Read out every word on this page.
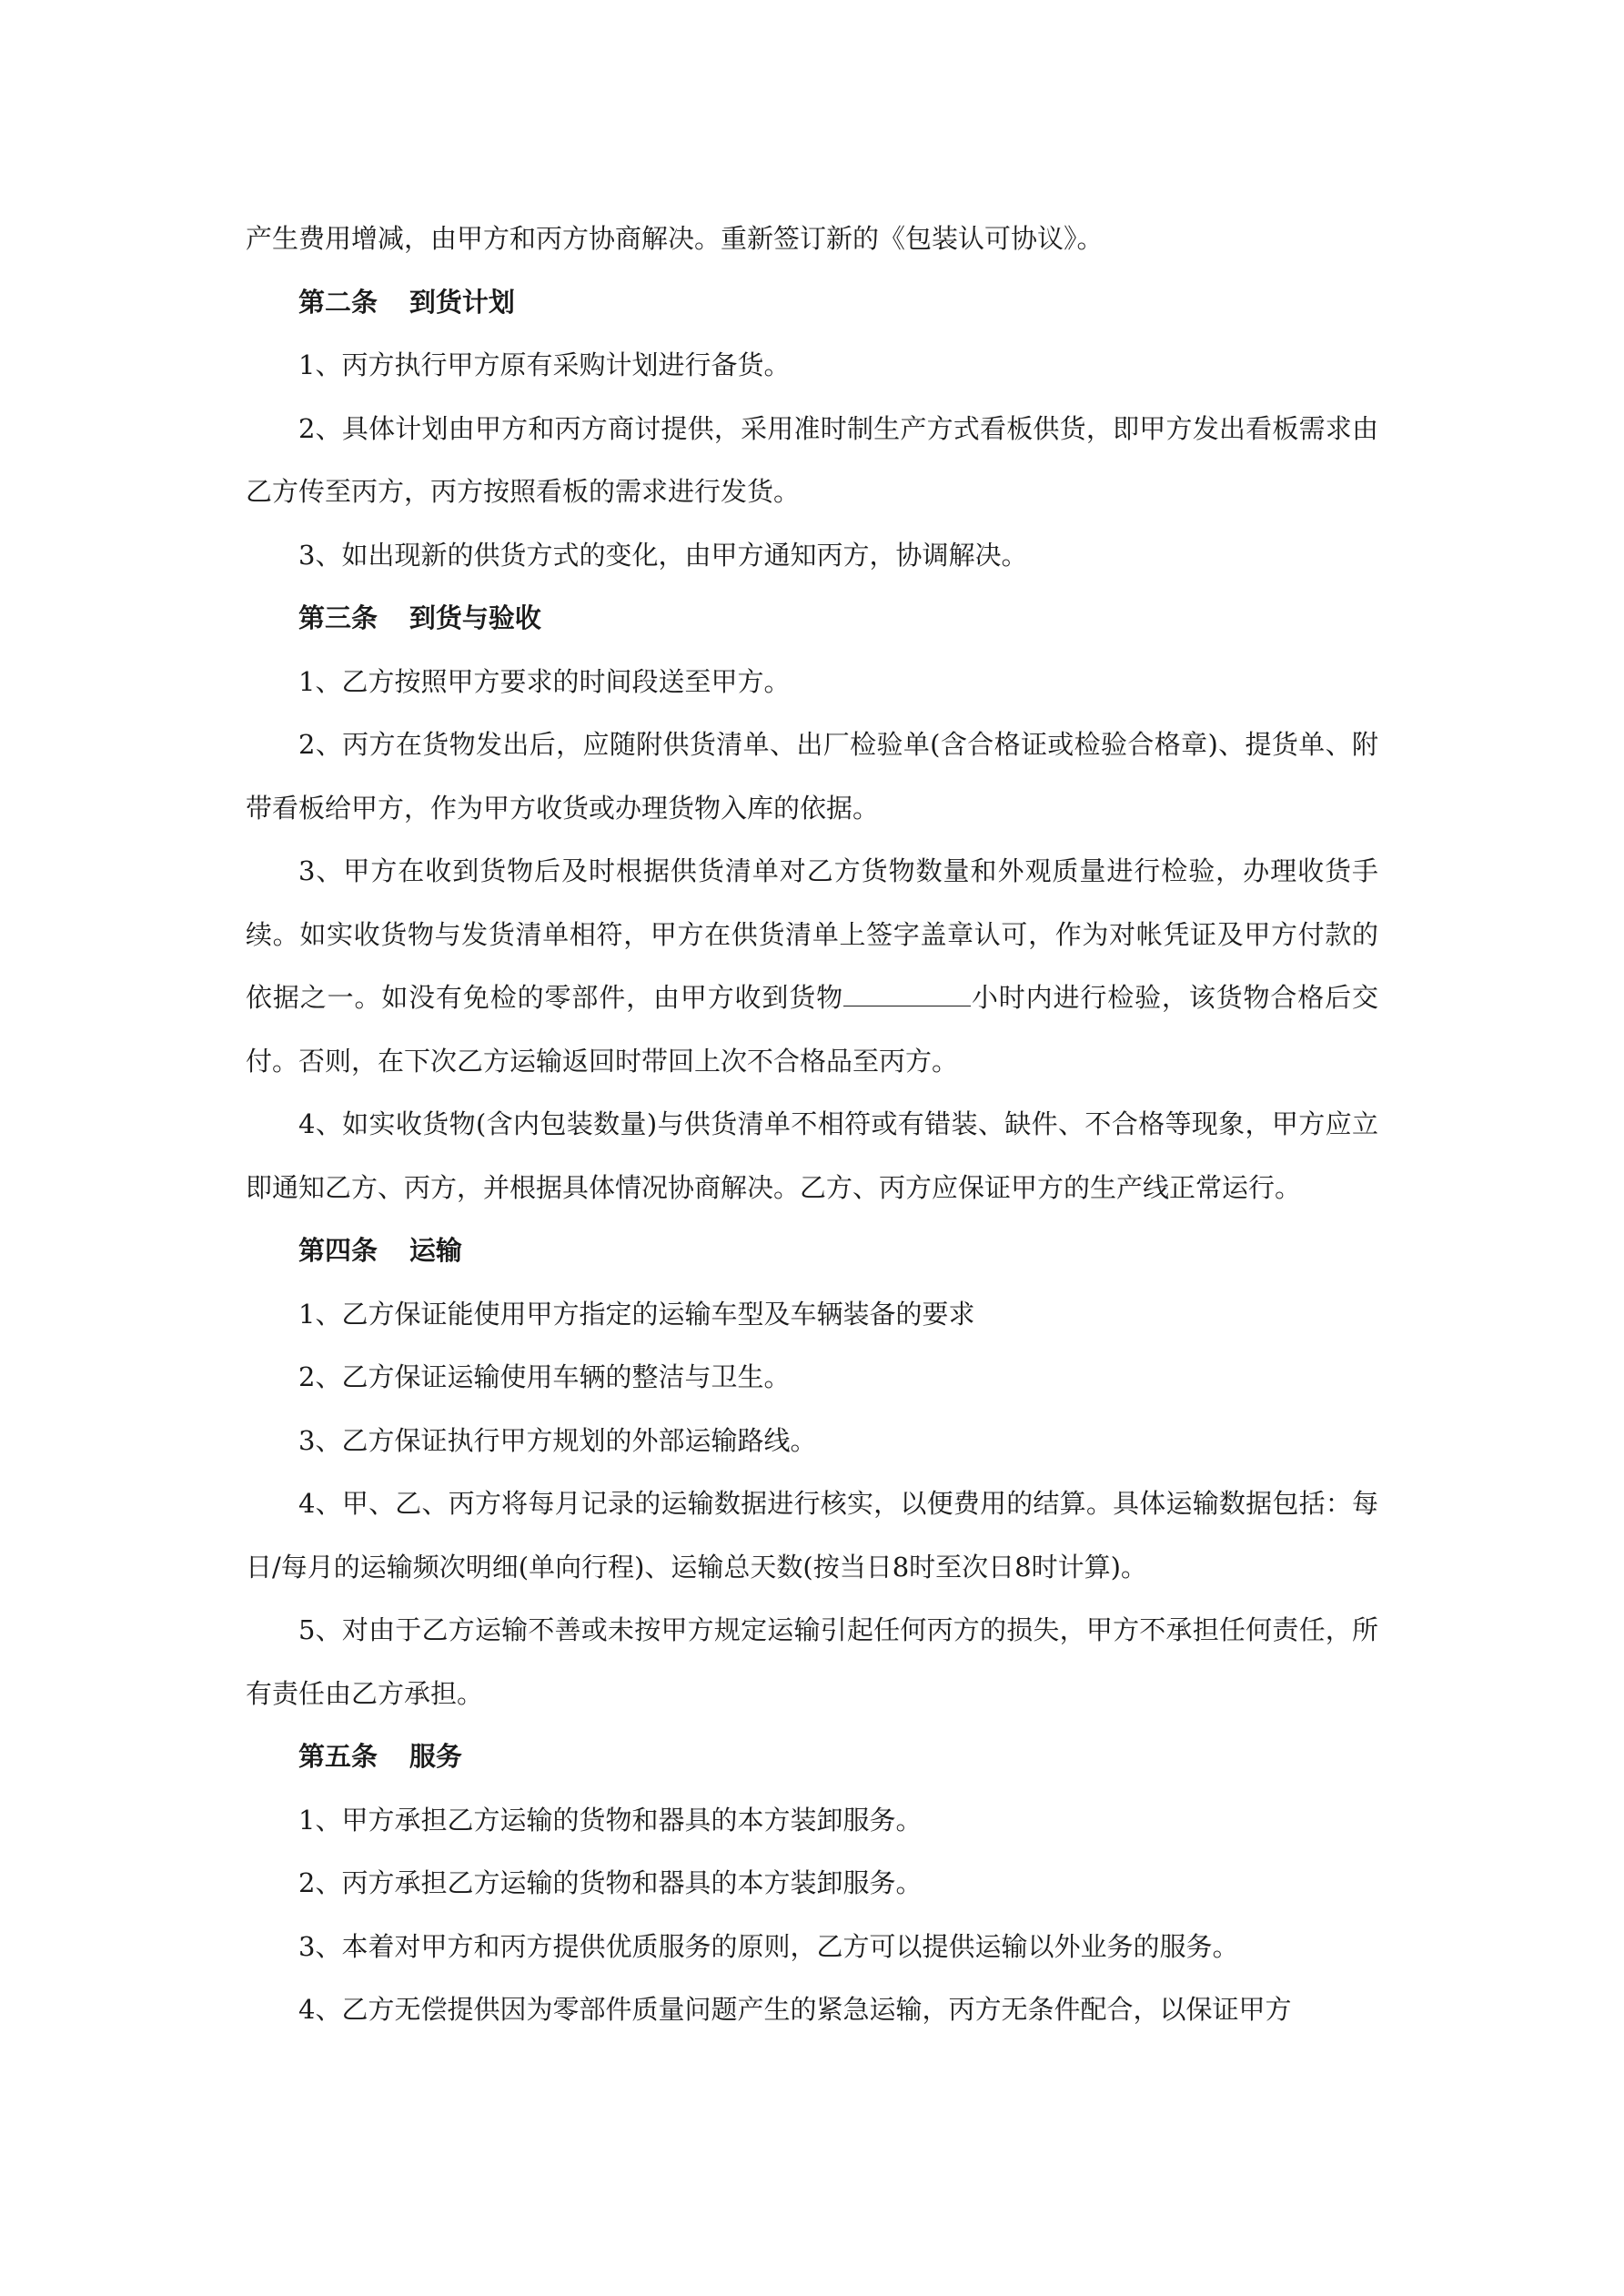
产生费用增减，由甲方和丙方协商解决。重新签订新的《包装认可协议》。

第二条 到货计划

1、丙方执行甲方原有采购计划进行备货。

2、具体计划由甲方和丙方商讨提供，采用准时制生产方式看板供货，即甲方发出看板需求由乙方传至丙方，丙方按照看板的需求进行发货。

3、如出现新的供货方式的变化，由甲方通知丙方，协调解决。

第三条 到货与验收

1、乙方按照甲方要求的时间段送至甲方。

2、丙方在货物发出后，应随附供货清单、出厂检验单(含合格证或检验合格章)、提货单、附带看板给甲方，作为甲方收货或办理货物入库的依据。

3、甲方在收到货物后及时根据供货清单对乙方货物数量和外观质量进行检验，办理收货手续。如实收货物与发货清单相符，甲方在供货清单上签字盖章认可，作为对帐凭证及甲方付款的依据之一。如没有免检的零部件，由甲方收到货物	小时内进行检验，该货物合格后交付。否则，在下次乙方运输返回时带回上次不合格品至丙方。

4、如实收货物(含内包装数量)与供货清单不相符或有错装、缺件、不合格等现象，甲方应立即通知乙方、丙方，并根据具体情况协商解决。乙方、丙方应保证甲方的生产线正常运行。

第四条 运输

1、乙方保证能使用甲方指定的运输车型及车辆装备的要求

2、乙方保证运输使用车辆的整洁与卫生。

3、乙方保证执行甲方规划的外部运输路线。

4、甲、乙、丙方将每月记录的运输数据进行核实，以便费用的结算。具体运输数据包括：每日/每月的运输频次明细(单向行程)、运输总天数(按当日8时至次日8时计算)。

5、对由于乙方运输不善或未按甲方规定运输引起任何丙方的损失，甲方不承担任何责任，所有责任由乙方承担。

第五条 服务

1、甲方承担乙方运输的货物和器具的本方装卸服务。

2、丙方承担乙方运输的货物和器具的本方装卸服务。

3、本着对甲方和丙方提供优质服务的原则，乙方可以提供运输以外业务的服务。

4、乙方无偿提供因为零部件质量问题产生的紧急运输，丙方无条件配合，以保证甲方
